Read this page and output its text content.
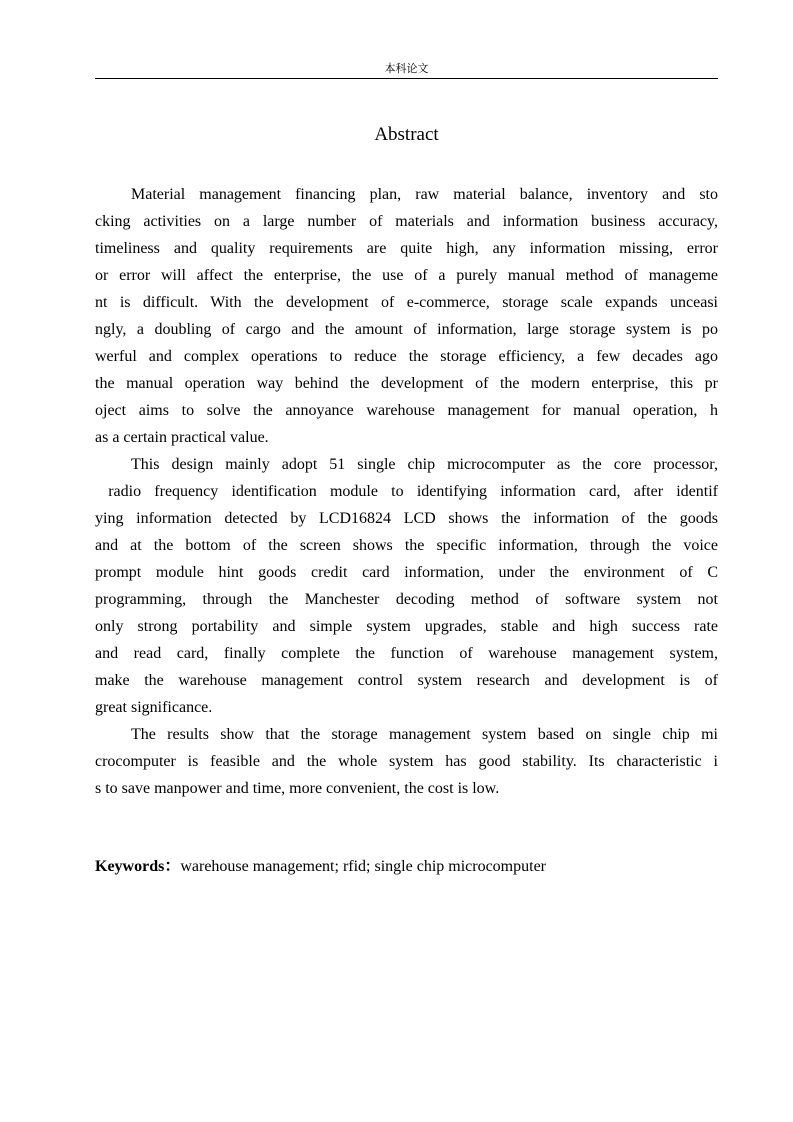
本科论文
Abstract
Material management financing plan, raw material balance, inventory and sto
cking activities on a large number of materials and information business accuracy,
timeliness and quality requirements are quite high, any information missing, error
or error will affect the enterprise, the use of a purely manual method of manageme
nt is difficult. With the development of e-commerce, storage scale expands unceasi
ngly, a doubling of cargo and the amount of information, large storage system is po
werful and complex operations to reduce the storage efficiency, a few decades ago
the manual operation way behind the development of the modern enterprise, this pr
oject aims to solve the annoyance warehouse management for manual operation, h
as a certain practical value.
This design mainly adopt 51 single chip microcomputer as the core processor,
radio frequency identification module to identifying information card, after identif
ying information detected by LCD16824 LCD shows the information of the goods
and at the bottom of the screen shows the specific information, through the voice
prompt module hint goods credit card information, under the environment of C
programming, through the Manchester decoding method of software system not
only strong portability and simple system upgrades, stable and high success rate
and read card, finally complete the function of warehouse management system,
make the warehouse management control system research and development is of
great significance.
The results show that the storage management system based on single chip mi
crocomputer is feasible and the whole system has good stability. Its characteristic i
s to save manpower and time, more convenient, the cost is low.
Keywords：warehouse management; rfid; single chip microcomputer
